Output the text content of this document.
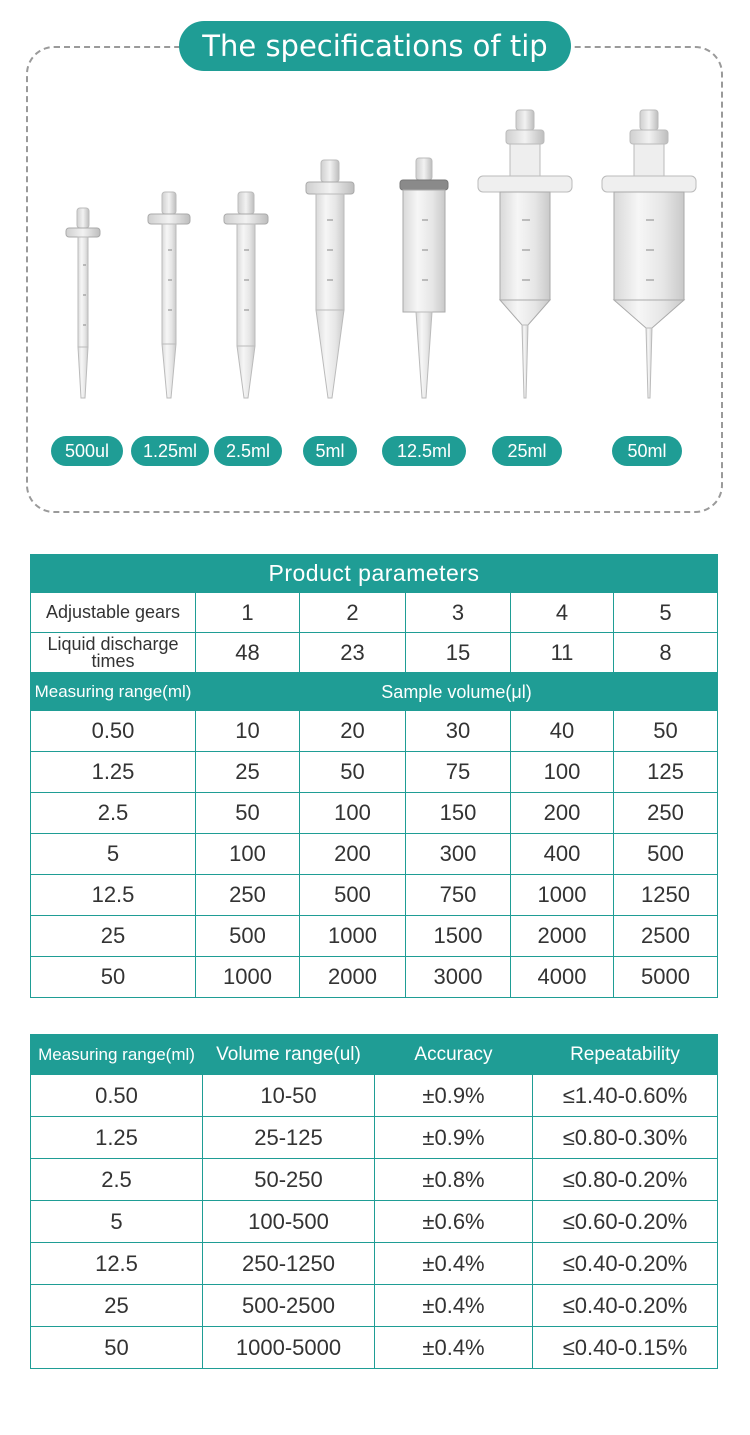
The specifications of tip
500ul	1.25ml	2.5ml	5ml	12.5ml	25ml	50ml
Product parameters					
Adjustable gears	1	2	3	4	5
Liquid discharge times	48	23	15	11	8
Measuring range(ml)	Sample volume(μl)				
0.50	10	20	30	40	50
1.25	25	50	75	100	125
2.5	50	100	150	200	250
5	100	200	300	400	500
12.5	250	500	750	1000	1250
25	500	1000	1500	2000	2500
50	1000	2000	3000	4000	5000
Measuring range(ml)	Volume range(ul)	Accuracy	Repeatability
0.50	10-50	±0.9%	≤1.40-0.60%
1.25	25-125	±0.9%	≤0.80-0.30%
2.5	50-250	±0.8%	≤0.80-0.20%
5	100-500	±0.6%	≤0.60-0.20%
12.5	250-1250	±0.4%	≤0.40-0.20%
25	500-2500	±0.4%	≤0.40-0.20%
50	1000-5000	±0.4%	≤0.40-0.15%
